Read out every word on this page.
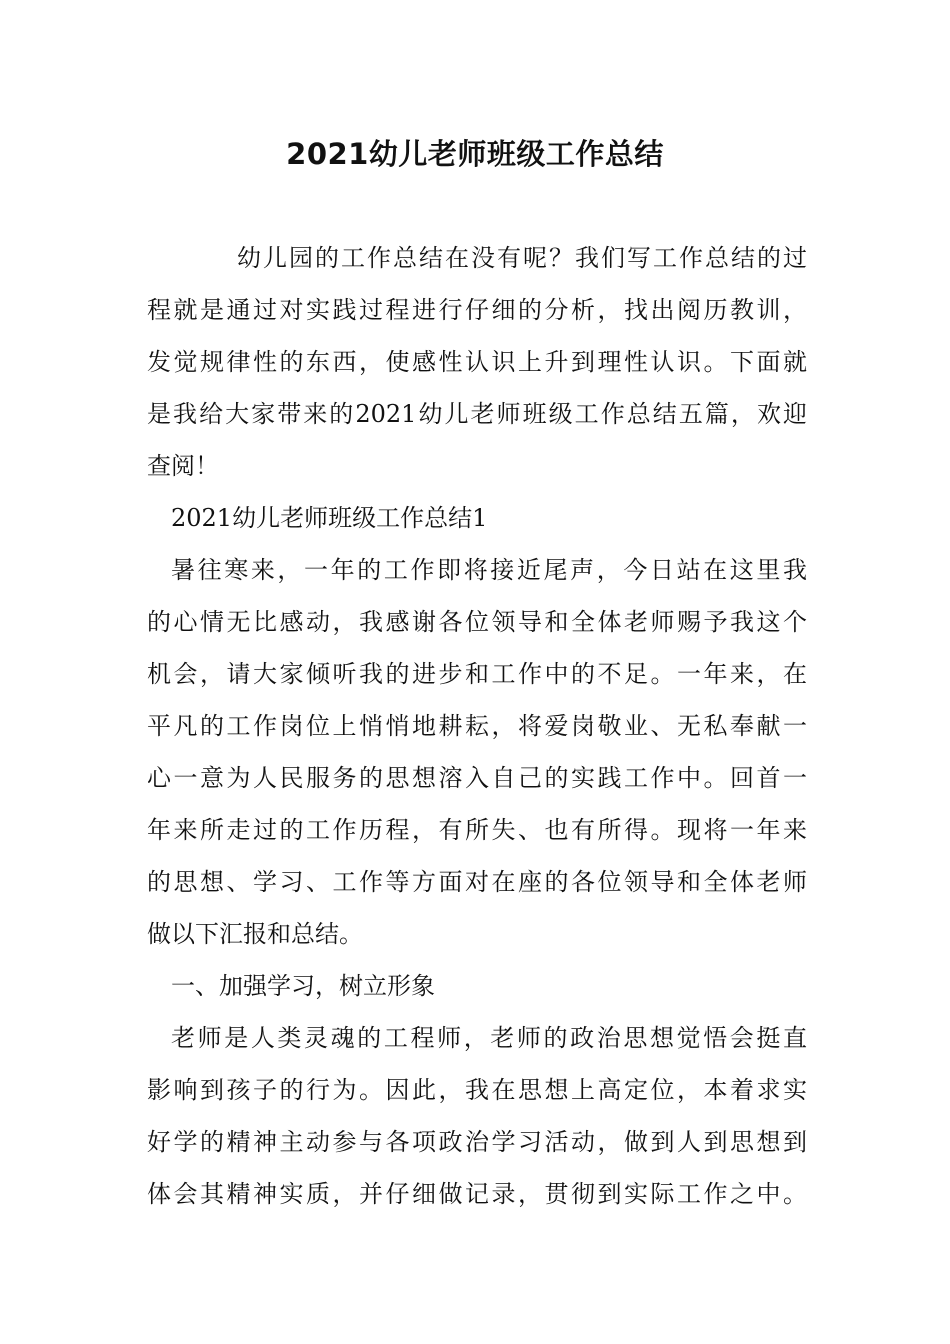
2021幼儿老师班级工作总结
幼儿园的工作总结在没有呢？我们写工作总结的过
程就是通过对实践过程进行仔细的分析，找出阅历教训，
发觉规律性的东西，使感性认识上升到理性认识。下面就
是我给大家带来的2021幼儿老师班级工作总结五篇，欢迎
查阅！
2021幼儿老师班级工作总结1
暑往寒来，一年的工作即将接近尾声，今日站在这里我
的心情无比感动，我感谢各位领导和全体老师赐予我这个
机会，请大家倾听我的进步和工作中的不足。一年来，在
平凡的工作岗位上悄悄地耕耘，将爱岗敬业、无私奉献一
心一意为人民服务的思想溶入自己的实践工作中。回首一
年来所走过的工作历程，有所失、也有所得。现将一年来
的思想、学习、工作等方面对在座的各位领导和全体老师
做以下汇报和总结。
一、加强学习，树立形象
老师是人类灵魂的工程师，老师的政治思想觉悟会挺直
影响到孩子的行为。因此，我在思想上高定位，本着求实
好学的精神主动参与各项政治学习活动，做到人到思想到
体会其精神实质，并仔细做记录，贯彻到实际工作之中。
